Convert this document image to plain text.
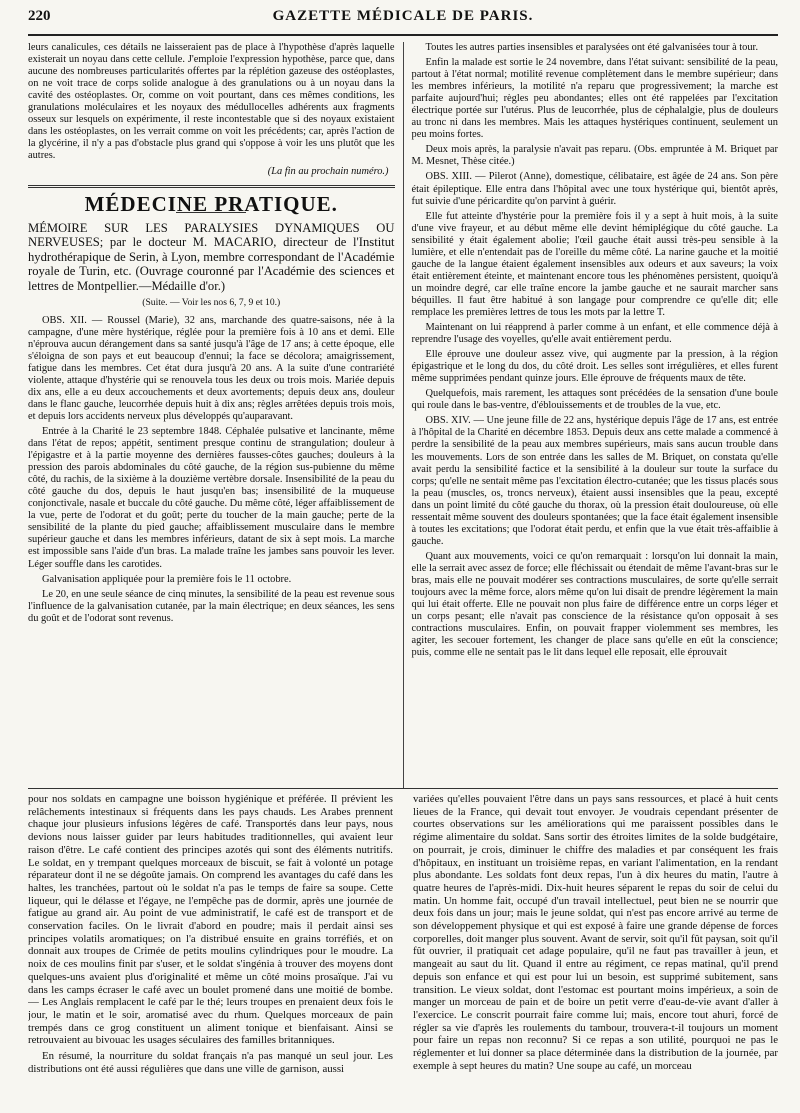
220	GAZETTE MÉDICALE DE PARIS.

leurs canalicules, ces détails ne laisseraient pas de place à l'hypothèse d'après laquelle existerait un noyau dans cette cellule. J'emploie l'expression hypothèse, parce que, dans aucune des nombreuses particularités offertes par la réplétion gazeuse des ostéoplastes, on ne voit trace de corps solide analogue à des granulations ou à un noyau dans la cavité des ostéoplastes. Or, comme on voit pourtant, dans ces mêmes conditions, les granulations moléculaires et les noyaux des médullocelles adhérents aux fragments osseux sur lesquels on expérimente, il reste incontestable que si des noyaux existaient dans les ostéoplastes, on les verrait comme on voit les précédents; car, après l'action de la glycérine, il n'y a pas d'obstacle plus grand qui s'oppose à voir les uns plutôt que les autres.

(La fin au prochain numéro.)
MÉDECINE PRATIQUE.

MÉMOIRE SUR LES PARALYSIES DYNAMIQUES OU NERVEUSES; par le docteur M. MACARIO, directeur de l'Institut hydrothérapique de Serin, à Lyon, membre correspondant de l'Académie royale de Turin, etc. (Ouvrage couronné par l'Académie des sciences et lettres de Montpellier.—Médaille d'or.)

(Suite. — Voir les nos 6, 7, 9 et 10.)

OBS. XII. — Roussel (Marie), 32 ans, marchande des quatre-saisons, née à la campagne, d'une mère hystérique, réglée pour la première fois à 10 ans et demi. Elle n'éprouva aucun dérangement dans sa santé jusqu'à l'âge de 17 ans; à cette époque, elle s'éloigna de son pays et eut beaucoup d'ennui; la face se décolora; amaigrissement, fatigue dans les membres. Cet état dura jusqu'à 20 ans. A la suite d'une contrariété violente, attaque d'hystérie qui se renouvela tous les deux ou trois mois. Mariée depuis dix ans, elle a eu deux accouchements et deux avortements; depuis deux ans, douleur dans le flanc gauche, leucorrhée depuis huit à dix ans; règles arrêtées depuis trois mois, et depuis lors accidents nerveux plus développés qu'auparavant.

Entrée à la Charité le 23 septembre 1848. Céphalée pulsative et lancinante, même dans l'état de repos; appétit, sentiment presque continu de strangulation; douleur à l'épigastre et à la partie moyenne des dernières fausses-côtes gauches; douleurs à la pression des parois abdominales du côté gauche, de la région sus-pubienne du même côté, du rachis, de la sixième à la douzième vertèbre dorsale. Insensibilité de la peau du côté gauche du dos, depuis le haut jusqu'en bas; insensibilité de la muqueuse conjonctivale, nasale et buccale du côté gauche. Du même côté, léger affaiblissement de la vue, perte de l'odorat et du goût; perte du toucher de la main gauche; perte de la sensibilité de la plante du pied gauche; affaiblissement musculaire dans le membre supérieur gauche et dans les membres inférieurs, datant de six à sept mois. La marche est impossible sans l'aide d'un bras. La malade traîne les jambes sans pouvoir les lever. Léger souffle dans les carotides.

Galvanisation appliquée pour la première fois le 11 octobre.

Le 20, en une seule séance de cinq minutes, la sensibilité de la peau est revenue sous l'influence de la galvanisation cutanée, par la main électrique; en deux séances, les sens du goût et de l'odorat sont revenus.

Toutes les autres parties insensibles et paralysées ont été galvanisées tour à tour.

Enfin la malade est sortie le 24 novembre, dans l'état suivant: sensibilité de la peau, partout à l'état normal; motilité revenue complètement dans le membre supérieur; dans les membres inférieurs, la motilité n'a reparu que progressivement; la marche est parfaite aujourd'hui; règles peu abondantes; elles ont été rappelées par l'excitation électrique portée sur l'utérus. Plus de leucorrhée, plus de céphalalgie, plus de douleurs au tronc ni dans les membres. Mais les attaques hystériques continuent, seulement un peu moins fortes.

Deux mois après, la paralysie n'avait pas reparu. (Obs. empruntée à M. Briquet par M. Mesnet, Thèse citée.)

OBS. XIII. — Pilerot (Anne), domestique, célibataire, est âgée de 24 ans. Son père était épileptique. Elle entra dans l'hôpital avec une toux hystérique qui, bientôt après, fut suivie d'une péricardite qu'on parvint à guérir.

Elle fut atteinte d'hystérie pour la première fois il y a sept à huit mois, à la suite d'une vive frayeur, et au début même elle devint hémiplégique du côté gauche. La sensibilité y était également abolie; l'œil gauche était aussi très-peu sensible à la lumière, et elle n'entendait pas de l'oreille du même côté. La narine gauche et la moitié gauche de la langue étaient également insensibles aux odeurs et aux saveurs; la voix était entièrement éteinte, et maintenant encore tous les phénomènes persistent, quoiqu'à un moindre degré, car elle traîne encore la jambe gauche et ne saurait marcher sans béquilles. Il faut être habitué à son langage pour comprendre ce qu'elle dit; elle remplace les premières lettres de tous les mots par la lettre T.

Maintenant on lui réapprend à parler comme à un enfant, et elle commence déjà à reprendre l'usage des voyelles, qu'elle avait entièrement perdu.

Elle éprouve une douleur assez vive, qui augmente par la pression, à la région épigastrique et le long du dos, du côté droit. Les selles sont irrégulières, et elles furent même supprimées pendant quinze jours. Elle éprouve de fréquents maux de tête.

Quelquefois, mais rarement, les attaques sont précédées de la sensation d'une boule qui roule dans le bas-ventre, d'éblouissements et de troubles de la vue, etc.

OBS. XIV. — Une jeune fille de 22 ans, hystérique depuis l'âge de 17 ans, est entrée à l'hôpital de la Charité en décembre 1853. Depuis deux ans cette malade a commencé à perdre la sensibilité de la peau aux membres supérieurs, mais sans aucun trouble dans les mouvements. Lors de son entrée dans les salles de M. Briquet, on constata qu'elle avait perdu la sensibilité factice et la sensibilité à la douleur sur toute la surface du corps; qu'elle ne sentait même pas l'excitation électro-cutanée; que les tissus placés sous la peau (muscles, os, troncs nerveux), étaient aussi insensibles que la peau, excepté dans un point limité du côté gauche du thorax, où la pression était douloureuse, où elle ressentait même souvent des douleurs spontanées; que la face était également insensible à toutes les excitations; que l'odorat était perdu, et enfin que la vue était très-affaiblie à gauche.

Quant aux mouvements, voici ce qu'on remarquait : lorsqu'on lui donnait la main, elle la serrait avec assez de force; elle fléchissait ou étendait de même l'avant-bras sur le bras, mais elle ne pouvait modérer ses contractions musculaires, de sorte qu'elle serrait toujours avec la même force, alors même qu'on lui disait de prendre légèrement la main qui lui était offerte. Elle ne pouvait non plus faire de différence entre un corps léger et un corps pesant; elle n'avait pas conscience de la résistance qu'on opposait à ses contractions musculaires. Enfin, on pouvait frapper violemment ses membres, les agiter, les secouer fortement, les changer de place sans qu'elle en eût la conscience; puis, comme elle ne sentait pas le lit dans lequel elle reposait, elle éprouvait

pour nos soldats en campagne une boisson hygiénique et préférée. Il prévient les relâchements intestinaux si fréquents dans les pays chauds. Les Arabes prennent chaque jour plusieurs infusions légères de café. Transportés dans leur pays, nous devions nous laisser guider par leurs habitudes traditionnelles, qui avaient leur raison d'être. Le café contient des principes azotés qui sont des éléments nutritifs. Le soldat, en y trempant quelques morceaux de biscuit, se fait à volonté un potage réparateur dont il ne se dégoûte jamais. On comprend les avantages du café dans les haltes, les tranchées, partout où le soldat n'a pas le temps de faire sa soupe. Cette liqueur, qui le délasse et l'égaye, ne l'empêche pas de dormir, après une journée de fatigue au grand air. Au point de vue administratif, le café est de transport et de conservation faciles. On le livrait d'abord en poudre; mais il perdait ainsi ses principes volatils aromatiques; on l'a distribué ensuite en grains torréfiés, et on donnait aux troupes de Crimée de petits moulins cylindriques pour le moudre. La noix de ces moulins finit par s'user, et le soldat s'ingénia à trouver des moyens dont quelques-uns avaient plus d'originalité et même un côté moins prosaïque. J'ai vu dans les camps écraser le café avec un boulet promené dans une moitié de bombe. — Les Anglais remplacent le café par le thé; leurs troupes en prenaient deux fois le jour, le matin et le soir, aromatisé avec du rhum. Quelques morceaux de pain trempés dans ce grog constituent un aliment tonique et bienfaisant. Ainsi se retrouvaient au bivouac les usages séculaires des familles britanniques.

En résumé, la nourriture du soldat français n'a pas manqué un seul jour. Les distributions ont été aussi régulières que dans une ville de garnison, aussi

variées qu'elles pouvaient l'être dans un pays sans ressources, et placé à huit cents lieues de la France, qui devait tout envoyer. Je voudrais cependant présenter de courtes observations sur les améliorations qui me paraissent possibles dans le régime alimentaire du soldat. Sans sortir des étroites limites de la solde budgétaire, on pourrait, je crois, diminuer le chiffre des maladies et par conséquent les frais d'hôpitaux, en instituant un troisième repas, en variant l'alimentation, en la rendant plus abondante. Les soldats font deux repas, l'un à dix heures du matin, l'autre à quatre heures de l'après-midi. Dix-huit heures séparent le repas du soir de celui du matin. Un homme fait, occupé d'un travail intellectuel, peut bien ne se nourrir que deux fois dans un jour; mais le jeune soldat, qui n'est pas encore arrivé au terme de son développement physique et qui est exposé à faire une grande dépense de forces corporelles, doit manger plus souvent. Avant de servir, soit qu'il fût paysan, soit qu'il fût ouvrier, il pratiquait cet adage populaire, qu'il ne faut pas travailler à jeun, et mangeait au saut du lit. Quand il entre au régiment, ce repas matinal, qu'il prend depuis son enfance et qui est pour lui un besoin, est supprimé subitement, sans transition. Le vieux soldat, dont l'estomac est pourtant moins impérieux, a soin de manger un morceau de pain et de boire un petit verre d'eau-de-vie avant d'aller à l'exercice. Le conscrit pourrait faire comme lui; mais, encore tout ahuri, forcé de régler sa vie d'après les roulements du tambour, trouvera-t-il toujours un moment pour faire un repas non reconnu? Si ce repas a son utilité, pourquoi ne pas le réglementer et lui donner sa place déterminée dans la distribution de la journée, par exemple à sept heures du matin? Une soupe au café, un morceau
